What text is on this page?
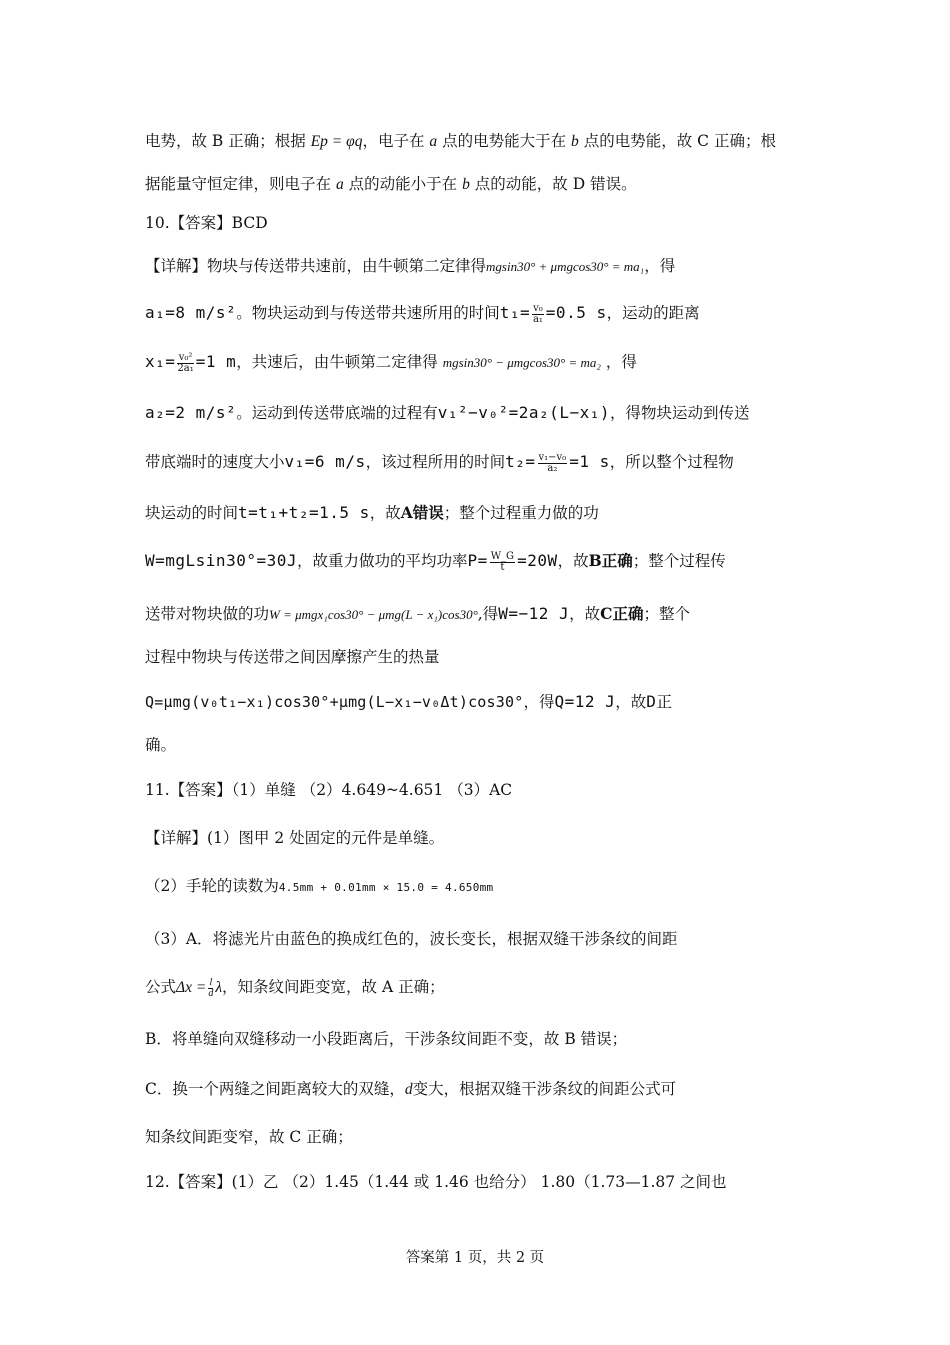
电势，故 B 正确；根据 Ep = φq，电子在 a 点的电势能大于在 b 点的电势能，故 C 正确；根
据能量守恒定律，则电子在 a 点的动能小于在 b 点的动能，故 D 错误。
10.【答案】BCD
【详解】物块与传送带共速前，由牛顿第二定律得mgsin30° + μmgcos30° = ma₁，得
a₁=8 m/s²。物块运动到与传送带共速所用的时间$t_1= \frac{\text{v₀}}{\text{a₁}} =0.5$ s，运动的距离
$x_1= \frac{\text{v₀²}}{\text{2a₁}} =1$ m，共速后，由牛顿第二定律得 mgsin30° − μmgcos30° = ma₂ ，得
a₂=2 m/s²。运动到传送带底端的过程有v₁²−v₀²=2a₂(L−x₁)，得物块运动到传送
带底端时的速度大小v₁=6 m/s，该过程所用的时间$t_2= \frac{\text{v₁−v₀}}{\text{a₂}} =1$ s，所以整个过程物
块运动的时间t=t₁+t₂=1.5 s，故A错误；整个过程重力做的功
W=mgLsin30°=30J，故重力做功的平均功率$P= \frac{W\_G}{t} =20W$，故B正确；整个过程传
送带对物块做的功W = μmgx₁cos30° − μmg(L − x₁)cos30°,得W=−12 J，故C正确；整个
过程中物块与传送带之间因摩擦产生的热量
Q=μmg(v₀t₁−x₁)cos30°+μmg(L−x₁−v₀Δt)cos30°，得Q=12 J，故D正
确。
11.【答案】（1）单缝 （2）4.649~4.651 （3）AC
【详解】(1）图甲 2 处固定的元件是单缝。
（2）手轮的读数为4.5mm + 0.01mm × 15.0 = 4.650mm
（3）A．将滤光片由蓝色的换成红色的，波长变长，根据双缝干涉条纹的间距
公式$\Delta x = \frac{l}{d}$ λ，知条纹间距变宽，故 A 正确；
B．将单缝向双缝移动一小段距离后，干涉条纹间距不变，故 B 错误；
C．换一个两缝之间距离较大的双缝，d变大，根据双缝干涉条纹的间距公式可
知条纹间距变窄，故 C 正确；
12.【答案】(1）乙 （2）1.45（1.44 或 1.46 也给分） 1.80（1.73—1.87 之间也
答案第 1 页，共 2 页
